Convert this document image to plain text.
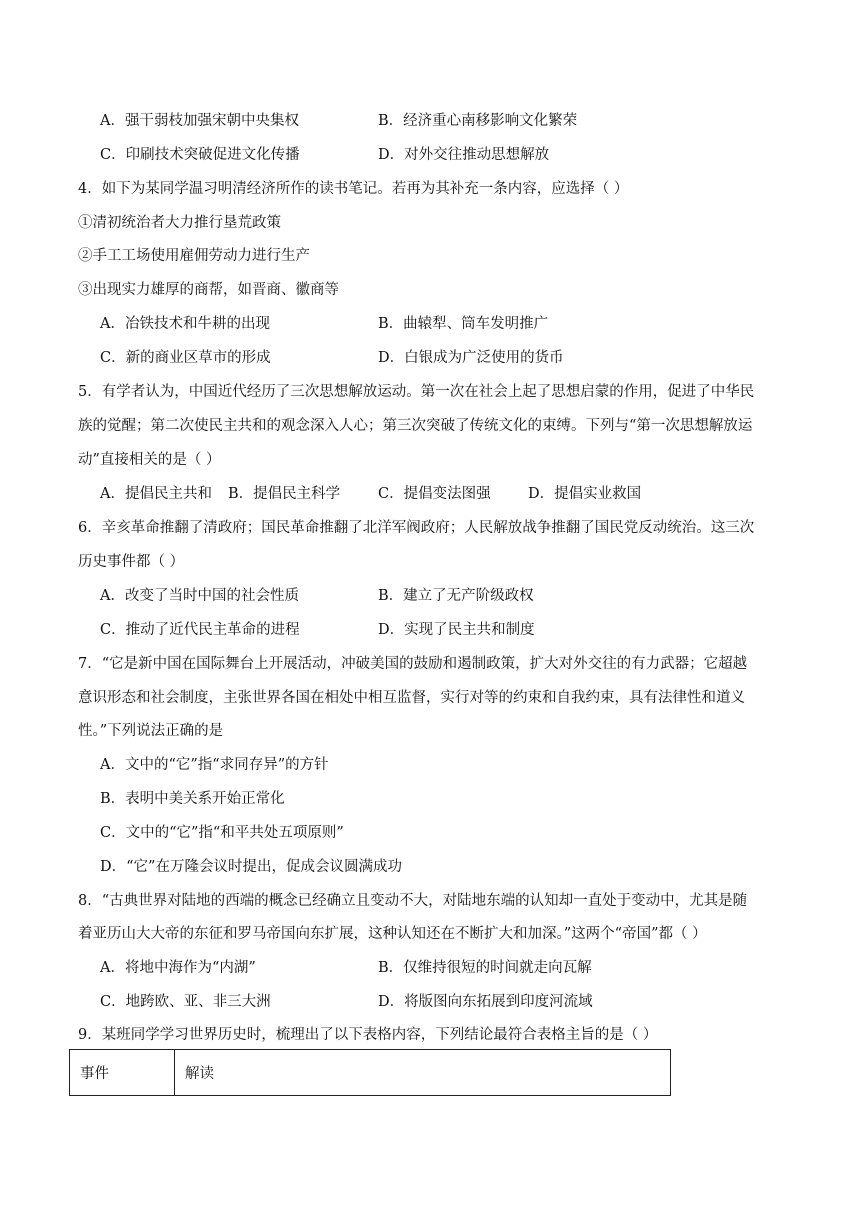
A．强干弱枝加强宋朝中央集权	B．经济重心南移影响文化繁荣
C．印刷技术突破促进文化传播	D．对外交往推动思想解放
4．如下为某同学温习明清经济所作的读书笔记。若再为其补充一条内容，应选择（ ）
①清初统治者大力推行垦荒政策
②手工工场使用雇佣劳动力进行生产
③出现实力雄厚的商帮，如晋商、徽商等
A．冶铁技术和牛耕的出现	B．曲辕犁、筒车发明推广
C．新的商业区草市的形成	D．白银成为广泛使用的货币
5．有学者认为，中国近代经历了三次思想解放运动。第一次在社会上起了思想启蒙的作用，促进了中华民
族的觉醒；第二次使民主共和的观念深入人心；第三次突破了传统文化的束缚。下列与“第一次思想解放运
动”直接相关的是（ ）
A．提倡民主共和 B．提倡民主科学	C．提倡变法图强	D．提倡实业救国
6．辛亥革命推翻了清政府；国民革命推翻了北洋军阀政府；人民解放战争推翻了国民党反动统治。这三次
历史事件都（ ）
A．改变了当时中国的社会性质	B．建立了无产阶级政权
C．推动了近代民主革命的进程	D．实现了民主共和制度
7．“它是新中国在国际舞台上开展活动，冲破美国的鼓励和遏制政策，扩大对外交往的有力武器；它超越
意识形态和社会制度，主张世界各国在相处中相互监督，实行对等的约束和自我约束，具有法律性和道义
性。”下列说法正确的是
A．文中的“它”指“求同存异”的方针
B．表明中美关系开始正常化
C．文中的“它”指“和平共处五项原则”
D．“它”在万隆会议时提出，促成会议圆满成功
8．“古典世界对陆地的西端的概念已经确立且变动不大，对陆地东端的认知却一直处于变动中，尤其是随
着亚历山大大帝的东征和罗马帝国向东扩展，这种认知还在不断扩大和加深。”这两个“帝国”都（ ）
A．将地中海作为“内湖”	B．仅维持很短的时间就走向瓦解
C．地跨欧、亚、非三大洲	D．将版图向东拓展到印度河流域
9．某班同学学习世界历史时，梳理出了以下表格内容，下列结论最符合表格主旨的是（ ）
事件	解读
